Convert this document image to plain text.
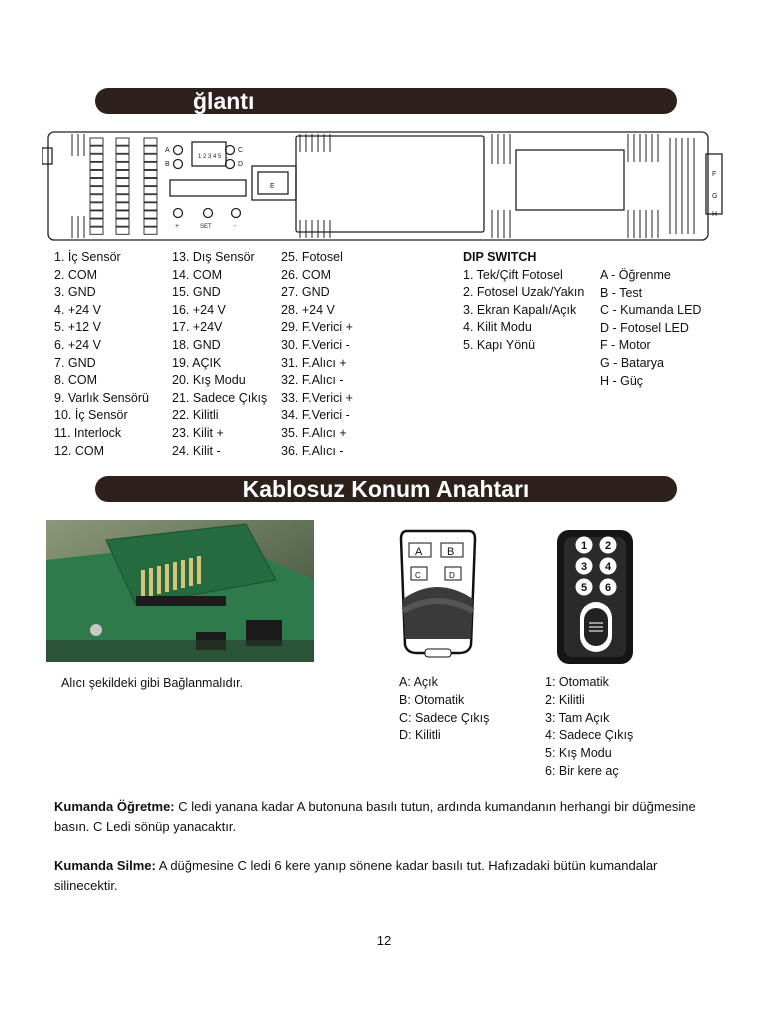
ğlantı
A
B
C
D
1 2 3 4 5
+	SET	-
E
F
G
H
1. İç Sensör
2. COM
3. GND
4. +24 V
5. +12 V
6. +24 V
7. GND
8. COM
9. Varlık Sensörü
10. İç Sensör
11. Interlock
12. COM
13. Dış Sensör
14. COM
15. GND
16. +24 V
17. +24V
18. GND
19. AÇIK
20. Kış Modu
21. Sadece Çıkış
22. Kilitli
23. Kilit +
24. Kilit -
25. Fotosel
26. COM
27. GND
28. +24 V
29. F.Verici +
30. F.Verici -
31. F.Alıcı +
32. F.Alıcı -
33. F.Verici +
34. F.Verici -
35. F.Alıcı +
36. F.Alıcı -
DIP SWITCH
1. Tek/Çift Fotosel
2. Fotosel Uzak/Yakın
3. Ekran Kapalı/Açık
4. Kilit Modu
5. Kapı Yönü
A - Öğrenme
B - Test
C - Kumanda LED
D - Fotosel LED
F - Motor
G - Batarya
H - Güç
Kablosuz Konum Anahtarı
Alıcı şekildeki gibi Bağlanmalıdır.
A B
C	D
1 2
3 4
5 6
A: Açık
B: Otomatik
C: Sadece Çıkış
D: Kilitli
1: Otomatik
2: Kilitli
3: Tam Açık
4: Sadece Çıkış
5: Kış Modu
6: Bir kere aç
Kumanda Öğretme: C ledi yanana kadar A butonuna basılı tutun, ardında kumandanın herhangi bir düğmesine basın. C Ledi sönüp yanacaktır.
Kumanda Silme: A düğmesine C ledi 6 kere yanıp sönene kadar basılı tut. Hafızadaki bütün kumandalar silinecektir.
12
